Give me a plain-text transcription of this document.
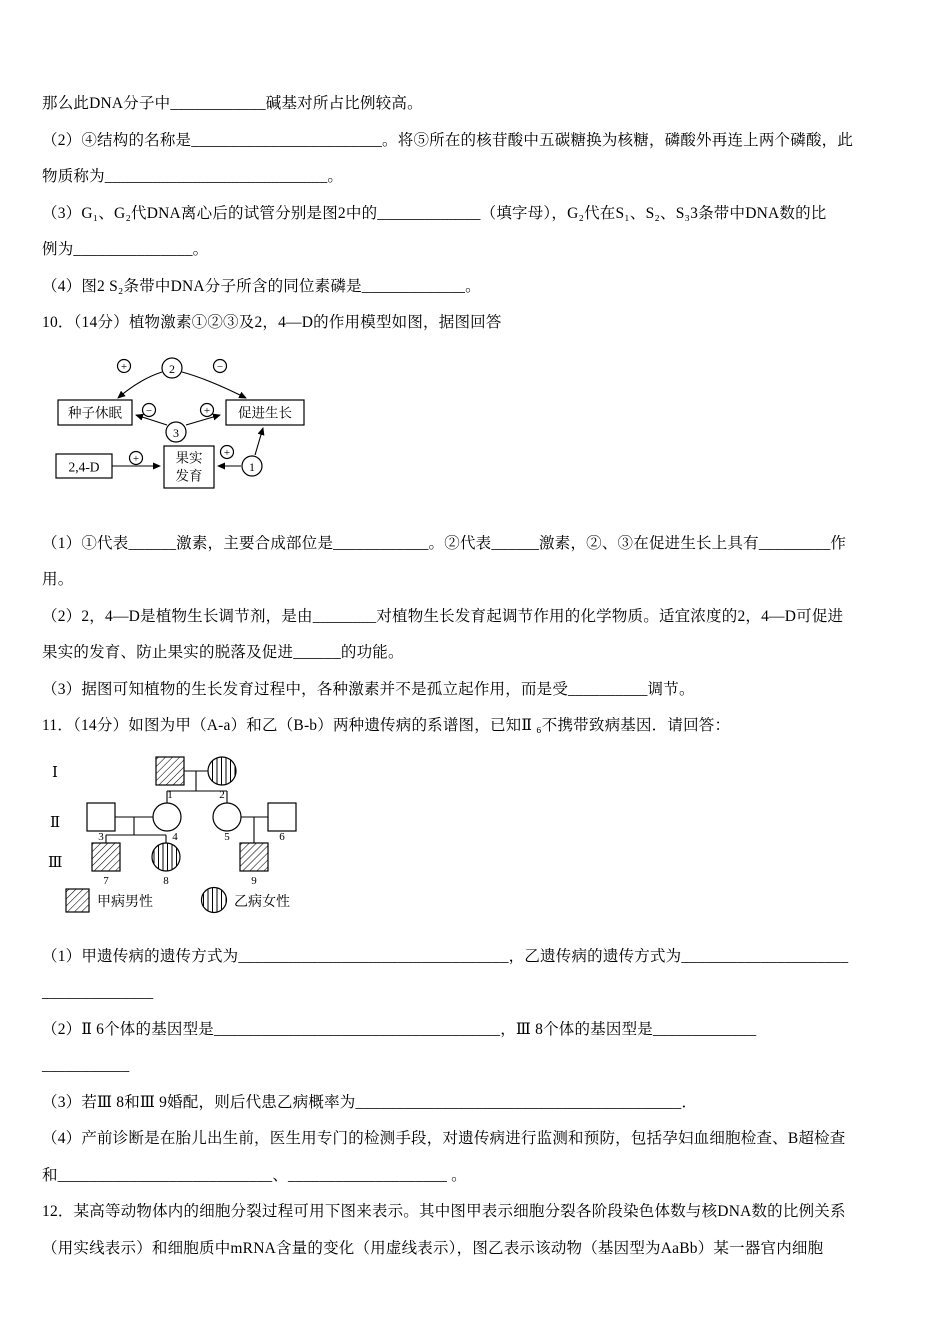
那么此DNA分子中____________碱基对所占比例较高。
（2）④结构的名称是________________________。将⑤所在的核苷酸中五碳糖换为核糖，磷酸外再连上两个磷酸，此
物质称为____________________________。
（3）G₁、G₂代DNA离心后的试管分别是图2中的_____________（填字母），G₂代在S₁、S₂、S₃3条带中DNA数的比
例为_______________。
（4）图2 S₂条带中DNA分子所含的同位素磷是_____________。
10．（14分）植物激素①②③及2，4—D的作用模型如图，据图回答
2
+	−
种子休眠	促进生长
3
−	+
果实
发育
2,4-D
+
1
+
（1）①代表______激素，主要合成部位是____________。②代表______激素，②、③在促进生长上具有_________作
用。
（2）2，4—D是植物生长调节剂，是由________对植物生长发育起调节作用的化学物质。适宜浓度的2，4—D可促进
果实的发育、防止果实的脱落及促进______的功能。
（3）据图可知植物的生长发育过程中，各种激素并不是孤立起作用，而是受__________调节。
11．（14分）如图为甲（A-a）和乙（B-b）两种遗传病的系谱图，已知Ⅱ ₆不携带致病基因．请回答：
Ⅰ
Ⅱ
Ⅲ
1	2
3	4	5	6
7	8	9
甲病男性	乙病女性
（1）甲遗传病的遗传方式为__________________________________，乙遗传病的遗传方式为_____________________
______________
（2）Ⅱ 6个体的基因型是____________________________________，Ⅲ 8个体的基因型是_____________
___________
（3）若Ⅲ 8和Ⅲ 9婚配，则后代患乙病概率为_________________________________________．
（4）产前诊断是在胎儿出生前，医生用专门的检测手段，对遗传病进行监测和预防，包括孕妇血细胞检查、B超检查
和___________________________、____________________ 。
12．某高等动物体内的细胞分裂过程可用下图来表示。其中图甲表示细胞分裂各阶段染色体数与核DNA数的比例关系
（用实线表示）和细胞质中mRNA含量的变化（用虚线表示），图乙表示该动物（基因型为AaBb）某一器官内细胞
